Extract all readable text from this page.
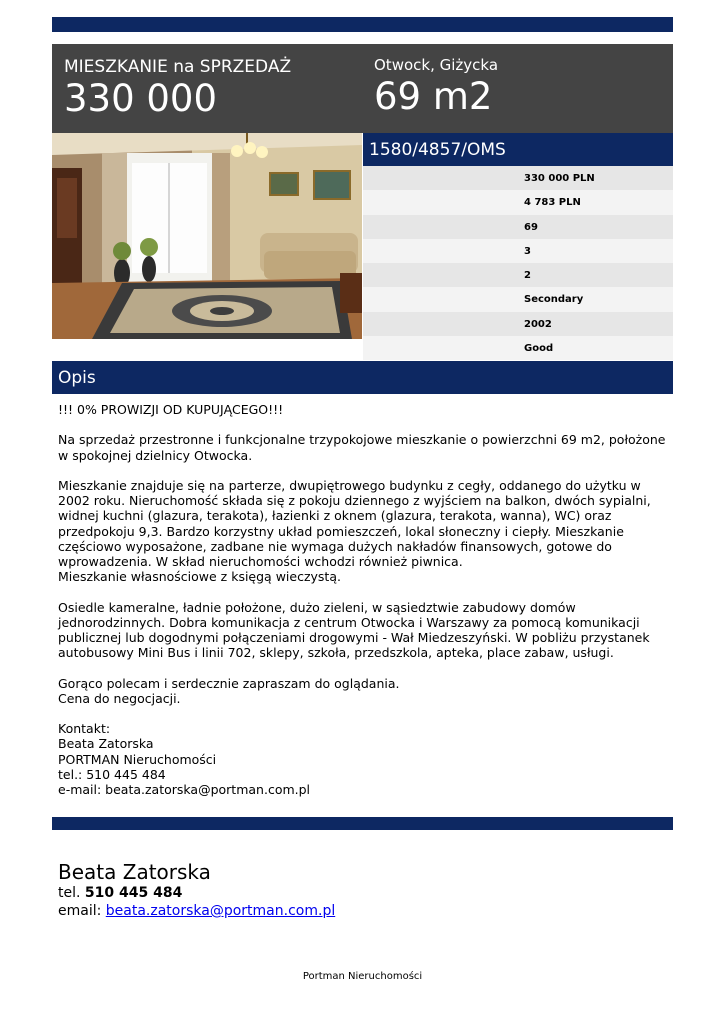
MIESZKANIE na SPRZEDAŻ
330 000
Otwock, Giżycka
69 m2
1580/4857/OMS
330 000 PLN
4 783 PLN
69
3
2
Secondary
2002
Good
Opis
!!! 0% PROWIZJI OD KUPUJĄCEGO!!!

Na sprzedaż przestronne i funkcjonalne trzypokojowe mieszkanie o powierzchni 69 m2, położone w spokojnej dzielnicy Otwocka.

Mieszkanie znajduje się na parterze, dwupiętrowego budynku z cegły, oddanego do użytku w 2002 roku. Nieruchomość składa się z pokoju dziennego z wyjściem na balkon, dwóch sypialni, widnej kuchni (glazura, terakota), łazienki z oknem (glazura, terakota, wanna), WC) oraz przedpokoju 9,3. Bardzo korzystny układ pomieszczeń, lokal słoneczny i ciepły. Mieszkanie częściowo wyposażone, zadbane nie wymaga dużych nakładów finansowych, gotowe do wprowadzenia. W skład nieruchomości wchodzi również piwnica.
Mieszkanie własnościowe z księgą wieczystą.

Osiedle kameralne, ładnie położone, dużo zieleni, w sąsiedztwie zabudowy domów jednorodzinnych. Dobra komunikacja z centrum Otwocka i Warszawy za pomocą komunikacji publicznej lub dogodnymi połączeniami drogowymi - Wał Miedzeszyński. W pobliżu przystanek autobusowy Mini Bus i linii 702, sklepy, szkoła, przedszkola, apteka, place zabaw, usługi.

Gorąco polecam i serdecznie zapraszam do oglądania.
Cena do negocjacji.

Kontakt:
Beata Zatorska
PORTMAN Nieruchomości
tel.: 510 445 484
e-mail: beata.zatorska@portman.com.pl
Beata Zatorska
tel. 510 445 484
email: beata.zatorska@portman.com.pl
Portman Nieruchomości
